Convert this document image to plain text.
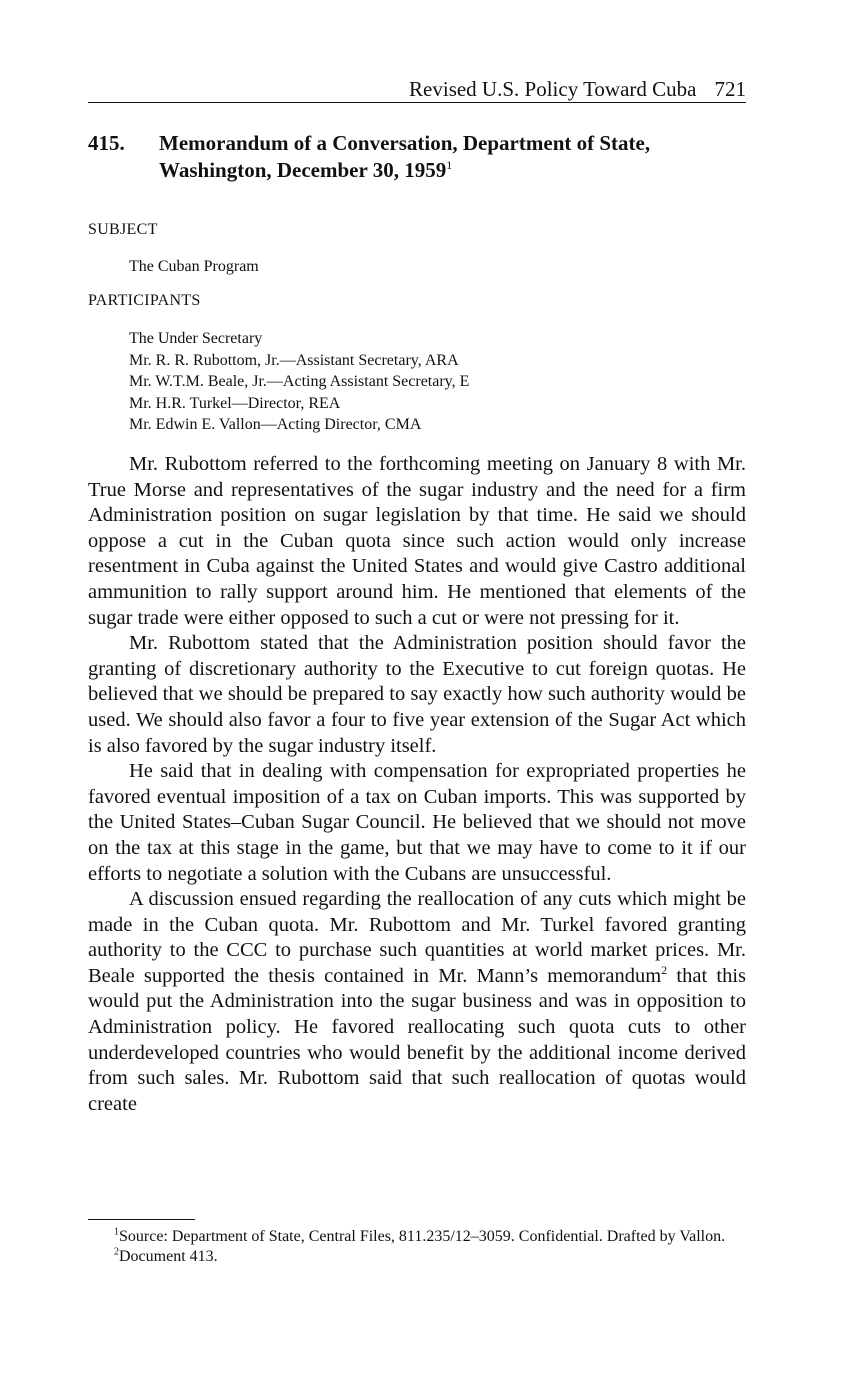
Revised U.S. Policy Toward Cuba 721
415. Memorandum of a Conversation, Department of State,
Washington, December 30, 1959$^1$
SUBJECT
The Cuban Program
PARTICIPANTS
The Under Secretary
Mr. R. R. Rubottom, Jr.—Assistant Secretary, ARA
Mr. W.T.M. Beale, Jr.—Acting Assistant Secretary, E
Mr. H.R. Turkel—Director, REA
Mr. Edwin E. Vallon—Acting Director, CMA

Mr. Rubottom referred to the forthcoming meeting on January 8 with Mr. True Morse and representatives of the sugar industry and the need for a firm Administration position on sugar legislation by that time. He said we should oppose a cut in the Cuban quota since such action would only increase resentment in Cuba against the United States and would give Castro additional ammunition to rally support around him. He mentioned that elements of the sugar trade were either opposed to such a cut or were not pressing for it.

Mr. Rubottom stated that the Administration position should favor the granting of discretionary authority to the Executive to cut foreign quotas. He believed that we should be prepared to say exactly how such authority would be used. We should also favor a four to five year extension of the Sugar Act which is also favored by the sugar industry itself.

He said that in dealing with compensation for expropriated properties he favored eventual imposition of a tax on Cuban imports. This was supported by the United States–Cuban Sugar Council. He believed that we should not move on the tax at this stage in the game, but that we may have to come to it if our efforts to negotiate a solution with the Cubans are unsuccessful.

A discussion ensued regarding the reallocation of any cuts which might be made in the Cuban quota. Mr. Rubottom and Mr. Turkel favored granting authority to the CCC to purchase such quantities at world market prices. Mr. Beale supported the thesis contained in Mr. Mann’s memorandum$^2$ that this would put the Administration into the sugar business and was in opposition to Administration policy. He favored reallocating such quota cuts to other underdeveloped countries who would benefit by the additional income derived from such sales. Mr. Rubottom said that such reallocation of quotas would create

$^1$Source: Department of State, Central Files, 811.235/12–3059. Confidential. Drafted by Vallon.

$^2$Document 413.
